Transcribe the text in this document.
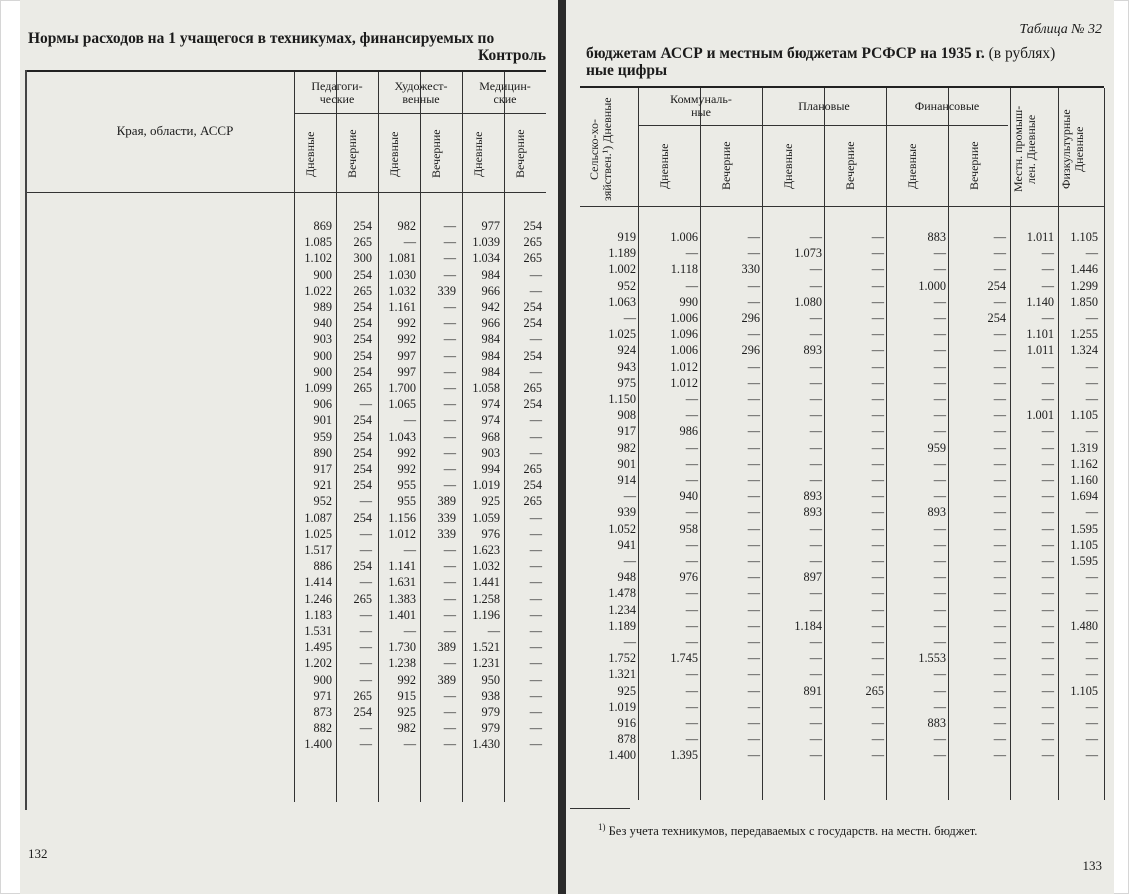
Нормы расходов на 1 учащегося в техникумах, финансируемых по
Контроль
Края, области, АССР
Педагоги-
ческие
Художест-
венные
Медицин-
ские
Дневные	Вечерние	Дневные	Вечерние	Дневные	Вечерние
869	254	982	—	977	254
1.085	265	—	—	1.039	265
1.102	300	1.081	—	1.034	265
900	254	1.030	—	984	—
1.022	265	1.032	339	966	—
989	254	1.161	—	942	254
940	254	992	—	966	254
903	254	992	—	984	—
900	254	997	—	984	254
900	254	997	—	984	—
1.099	265	1.700	—	1.058	265
906	—	1.065	—	974	254
901	254	—	—	974	—
959	254	1.043	—	968	—
890	254	992	—	903	—
917	254	992	—	994	265
921	254	955	—	1.019	254
952	—	955	389	925	265
1.087	254	1.156	339	1.059	—
1.025	—	1.012	339	976	—
1.517	—	—	—	1.623	—
886	254	1.141	—	1.032	—
1.414	—	1.631	—	1.441	—
1.246	265	1.383	—	1.258	—
1.183	—	1.401	—	1.196	—
1.531	—	—	—	—	—
1.495	—	1.730	389	1.521	—
1.202	—	1.238	—	1.231	—
900	—	992	389	950	—
971	265	915	—	938	—
873	254	925	—	979	—
882	—	982	—	979	—
1.400	—	—	—	1.430	—
132
Таблица № 32
бюджетам АССР и местным бюджетам РСФСР на 1935 г. (в рублях)
ные цифры
Сельско-хо-зяйствен.¹) Дневные	Коммуналь-
ные	Плановые	Финансовые	Местн. промыш-лен. Дневные	Физкультурные Дневные
Дневные	Вечерние	Дневные	Вечерние	Дневные	Вечерние
919	1.006	—	—	—	883	—	1.011	1.105
1.189	—	—	1.073	—	—	—	—	—
1.002	1.118	330	—	—	—	—	—	1.446
952	—	—	—	—	1.000	254	—	1.299
1.063	990	—	1.080	—	—	—	1.140	1.850
—	1.006	296	—	—	—	254	—	—
1.025	1.096	—	—	—	—	—	1.101	1.255
924	1.006	296	893	—	—	—	1.011	1.324
943	1.012	—	—	—	—	—	—	—
975	1.012	—	—	—	—	—	—	—
1.150	—	—	—	—	—	—	—	—
908	—	—	—	—	—	—	1.001	1.105
917	986	—	—	—	—	—	—	—
982	—	—	—	—	959	—	—	1.319
901	—	—	—	—	—	—	—	1.162
914	—	—	—	—	—	—	—	1.160
—	940	—	893	—	—	—	—	1.694
939	—	—	893	—	893	—	—	—
1.052	958	—	—	—	—	—	—	1.595
941	—	—	—	—	—	—	—	1.105
—	—	—	—	—	—	—	—	1.595
948	976	—	897	—	—	—	—	—
1.478	—	—	—	—	—	—	—	—
1.234	—	—	—	—	—	—	—	—
1.189	—	—	1.184	—	—	—	—	1.480
—	—	—	—	—	—	—	—	—
1.752	1.745	—	—	—	1.553	—	—	—
1.321	—	—	—	—	—	—	—	—
925	—	—	891	265	—	—	—	1.105
1.019	—	—	—	—	—	—	—	—
916	—	—	—	—	883	—	—	—
878	—	—	—	—	—	—	—	—
1.400	1.395	—	—	—	—	—	—	—
$^{1)}$ Без учета техникумов, передаваемых с государств. на местн. бюджет.
133
